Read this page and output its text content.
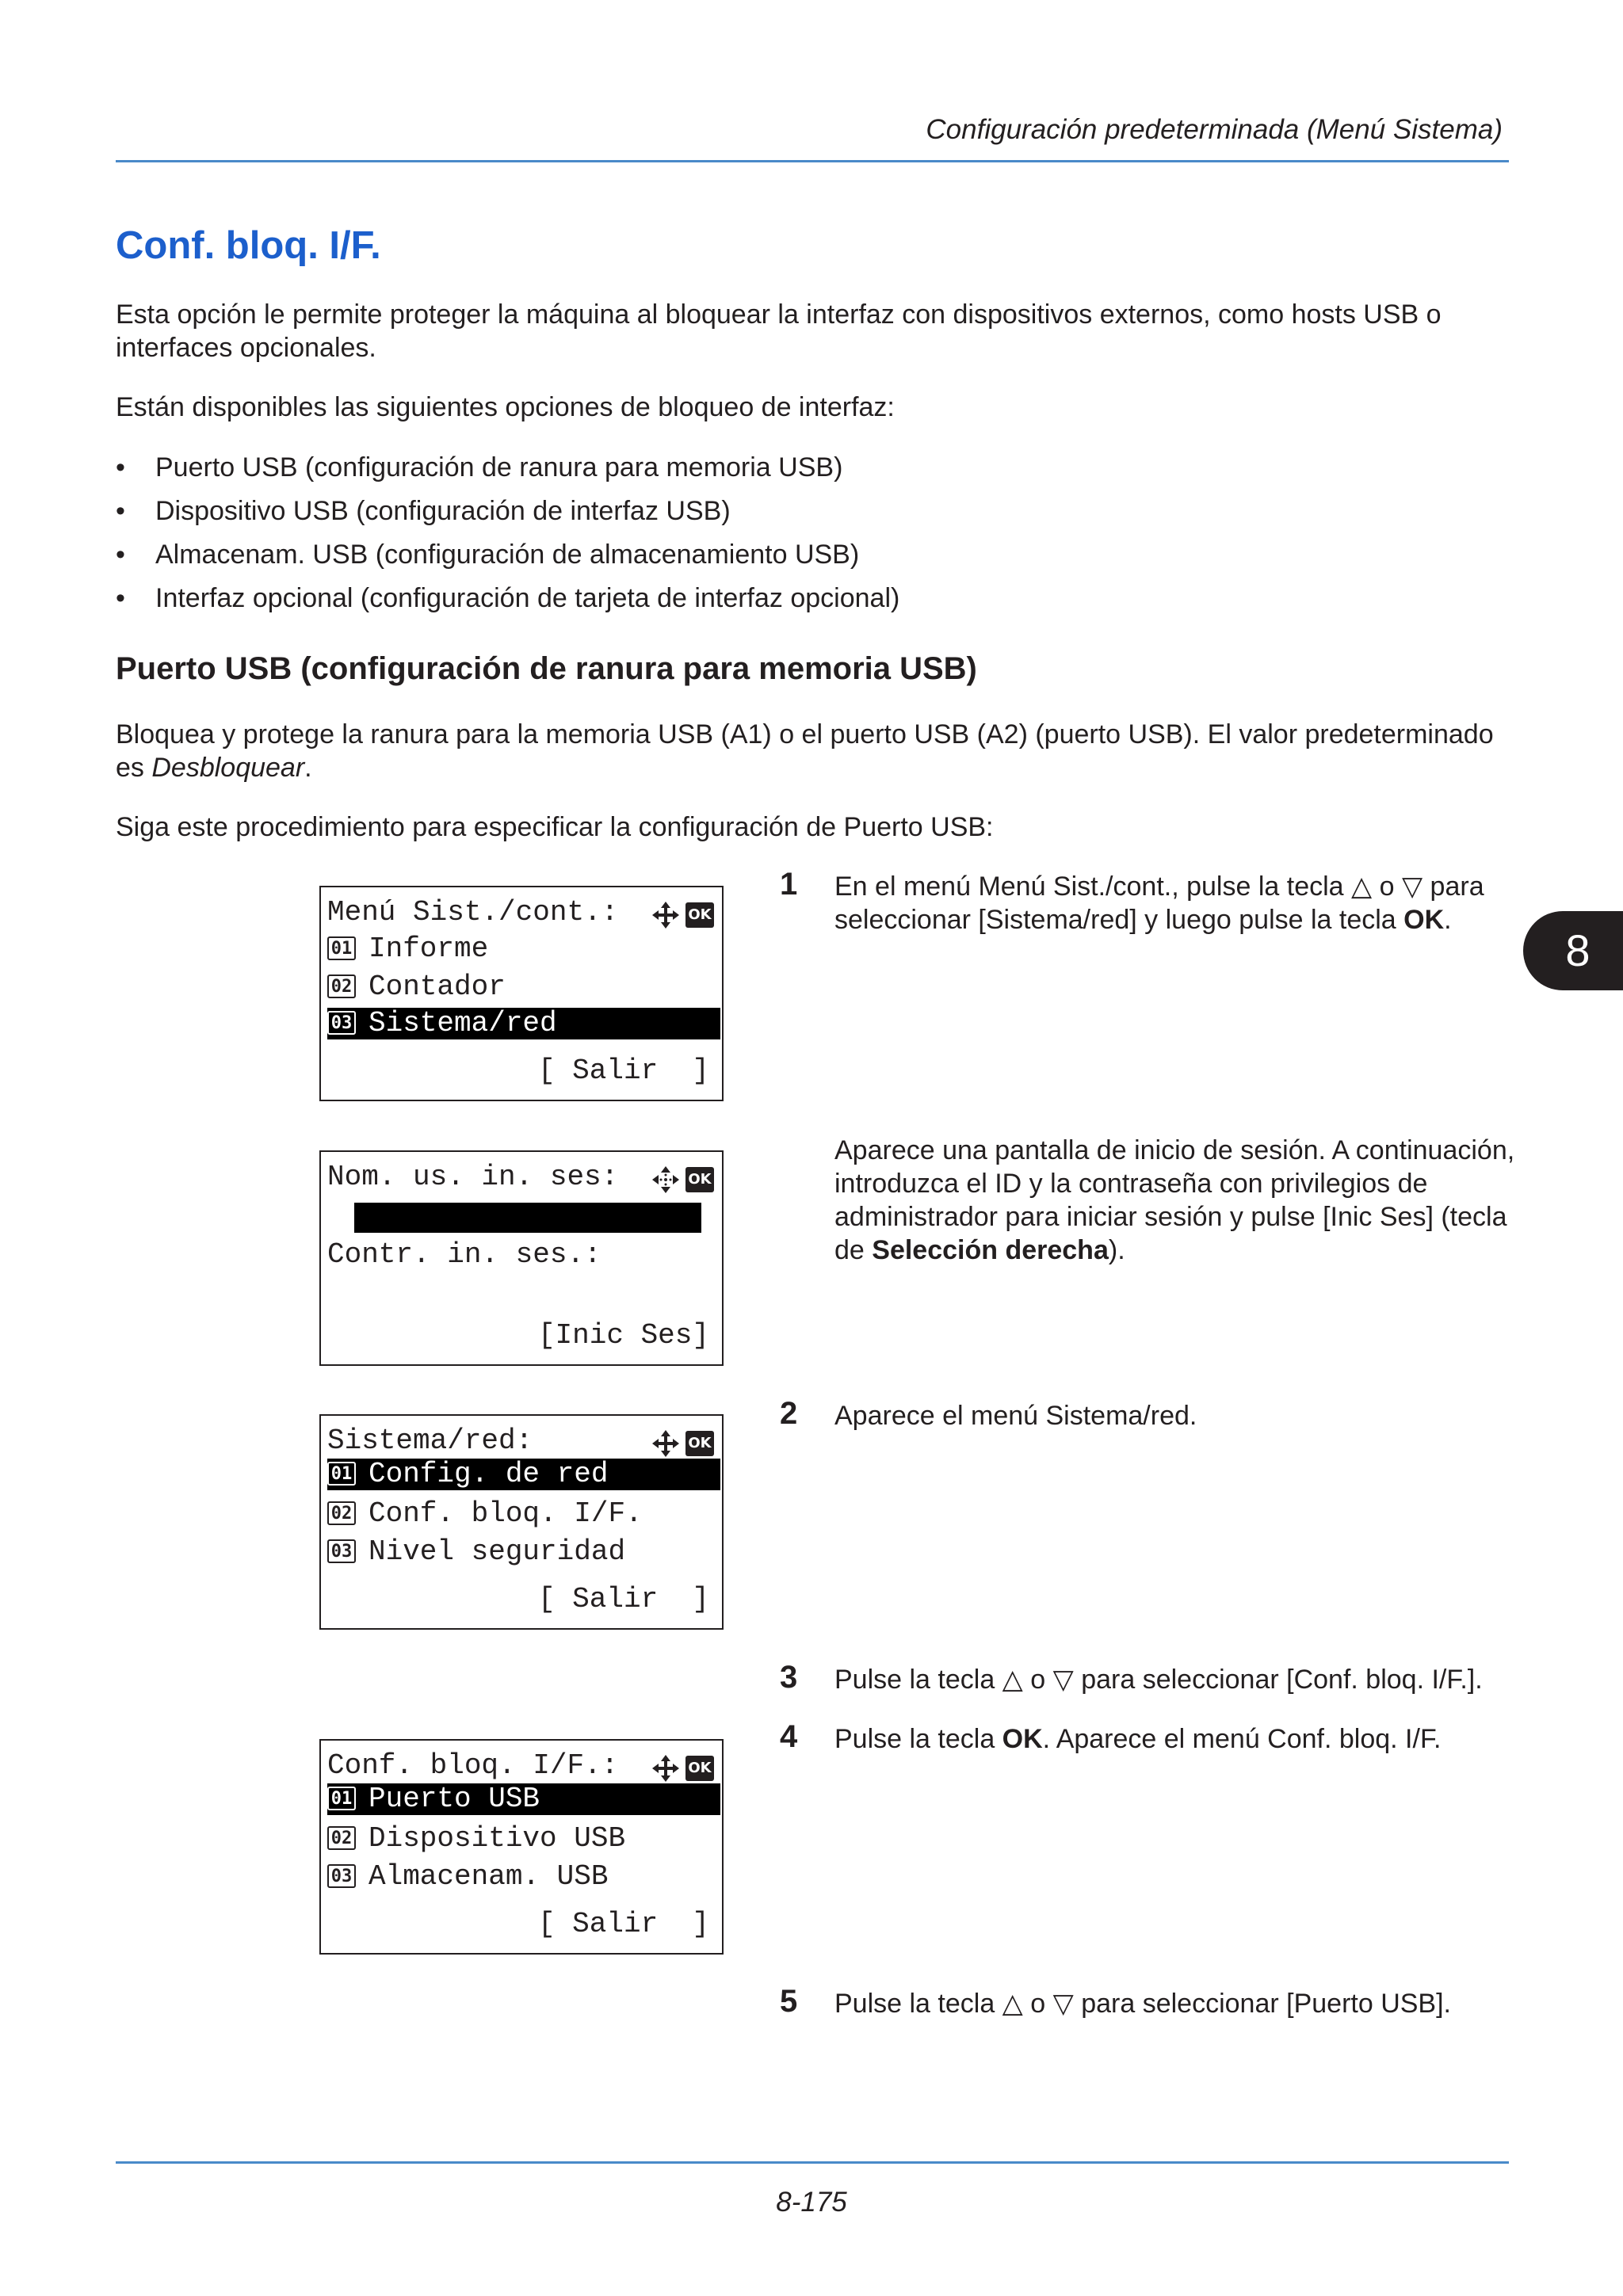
Configuración predeterminada (Menú Sistema)
Conf. bloq. I/F.
Esta opción le permite proteger la máquina al bloquear la interfaz con dispositivos externos, como hosts USB o interfaces opcionales.
Están disponibles las siguientes opciones de bloqueo de interfaz:
• Puerto USB (configuración de ranura para memoria USB)
• Dispositivo USB (configuración de interfaz USB)
• Almacenam. USB (configuración de almacenamiento USB)
• Interfaz opcional (configuración de tarjeta de interfaz opcional)
Puerto USB (configuración de ranura para memoria USB)
Bloquea y protege la ranura para la memoria USB (A1) o el puerto USB (A2) (puerto USB). El valor predeterminado es Desbloquear.
Siga este procedimiento para especificar la configuración de Puerto USB:
8
Menú Sist./cont.:	OK
01 Informe
02 Contador
03 Sistema/red
[ Salir  ]
Nom. us. in. ses:	OK
Contr. in. ses.:
[Inic Ses]
Sistema/red:	OK
01 Config. de red
02 Conf. bloq. I/F.
03 Nivel seguridad
[ Salir  ]
Conf. bloq. I/F.:	OK
01 Puerto USB
02 Dispositivo USB
03 Almacenam. USB
[ Salir  ]
1 En el menú Menú Sist./cont., pulse la tecla △ o ▽ para seleccionar [Sistema/red] y luego pulse la tecla OK.
Aparece una pantalla de inicio de sesión. A continuación, introduzca el ID y la contraseña con privilegios de administrador para iniciar sesión y pulse [Inic Ses] (tecla de Selección derecha).
2 Aparece el menú Sistema/red.
3 Pulse la tecla △ o ▽ para seleccionar [Conf. bloq. I/F.].
4 Pulse la tecla OK. Aparece el menú Conf. bloq. I/F.
5 Pulse la tecla △ o ▽ para seleccionar [Puerto USB].
8-175
